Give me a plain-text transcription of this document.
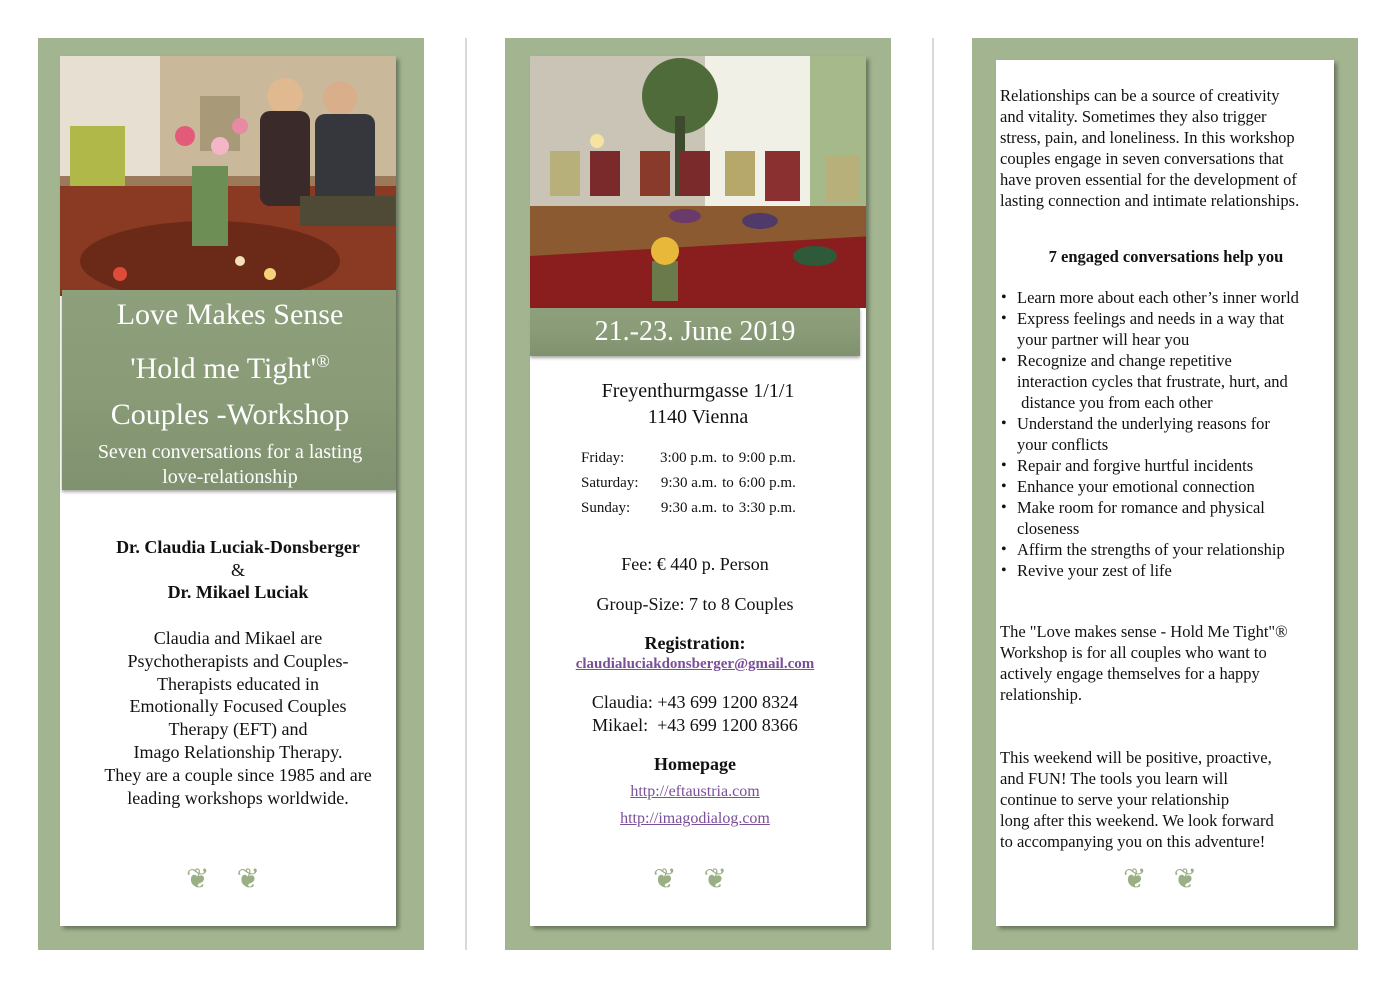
Love Makes Sense
'Hold me Tight'®
Couples -Workshop
Seven conversations for a lasting
love-relationship
Dr. Claudia Luciak-Donsberger
&
Dr. Mikael Luciak
Claudia and Mikael are
Psychotherapists and Couples-
Therapists educated in
Emotionally Focused Couples
Therapy (EFT) and
Imago Relationship Therapy.
They are a couple since 1985 and are
leading workshops worldwide.
❦ ❦
21.-23. June 2019
Freyenthurmgasse 1/1/1
1140 Vienna
Friday:	3:00 p.m.	to	9:00 p.m.
Saturday:	9:30 a.m.	to	6:00 p.m.
Sunday:	9:30 a.m.	to	3:30 p.m.
Fee: € 440 p. Person
Group-Size: 7 to 8 Couples
Registration:
claudialuciakdonsberger@gmail.com
Claudia: +43 699 1200 8324
Mikael:  +43 699 1200 8366
Homepage
http://eftaustria.com
http://imagodialog.com
❦ ❦
Relationships can be a source of creativity
and vitality. Sometimes they also trigger
stress, pain, and loneliness. In this workshop
couples engage in seven conversations that
have proven essential for the development of
lasting connection and intimate relationships.
7 engaged conversations help you
• Learn more about each other’s inner world
• Express feelings and needs in a way that
your partner will hear you
• Recognize and change repetitive
interaction cycles that frustrate, hurt, and
distance you from each other
• Understand the underlying reasons for
your conflicts
• Repair and forgive hurtful incidents
• Enhance your emotional connection
• Make room for romance and physical
closeness
• Affirm the strengths of your relationship
• Revive your zest of life
The "Love makes sense - Hold Me Tight"®
Workshop is for all couples who want to
actively engage themselves for a happy
relationship.
This weekend will be positive, proactive,
and FUN! The tools you learn will
continue to serve your relationship
long after this weekend. We look forward
to accompanying you on this adventure!
❦ ❦
